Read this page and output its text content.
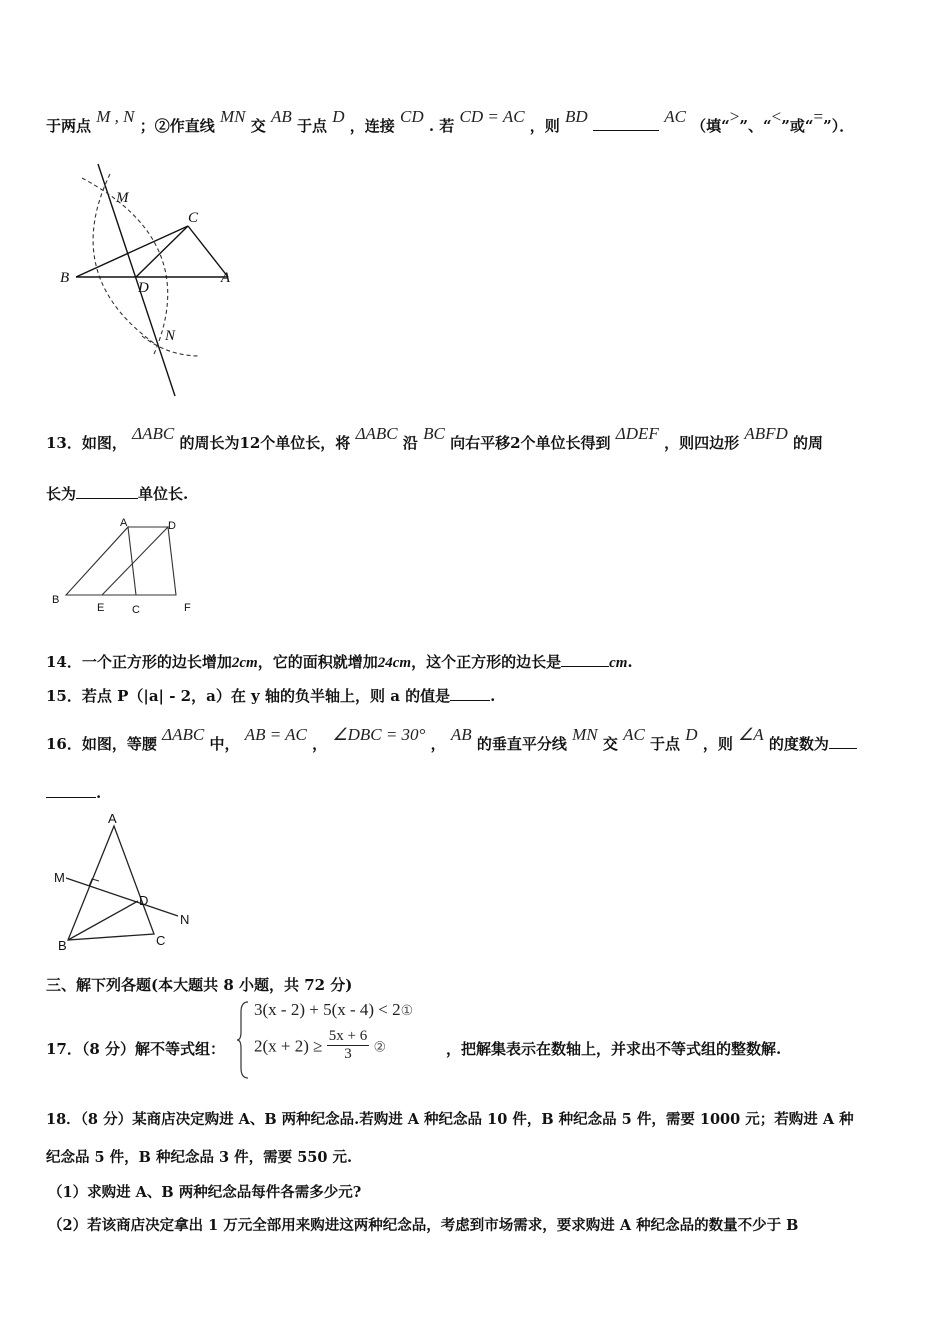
于两点 M , N ；②作直线 MN 交 AB 于点 D ，连接 CD . 若 CD = AC ，则 BD	AC （填“>”、“<”或“=”）．
M
C
B
D
A
N
13．如图， ΔABC 的周长为12个单位长，将 ΔABC 沿 BC 向右平移2个单位长得到 ΔDEF ，则四边形 ABFD 的周
长为	单位长.
A	D
B
E	C	F
14．一个正方形的边长增加2cm，它的面积就增加24cm，这个正方形的边长是	cm.
15．若点 P（|a| - 2，a）在 y 轴的负半轴上，则 a 的值是	.
16．如图，等腰 ΔABC 中， AB = AC ， ∠DBC = 30° ， AB 的垂直平分线 MN 交 AC 于点 D ，则 ∠A 的度数为
.
A
M
D
N
B	C
三、解下列各题(本大题共 8 小题，共 72 分)
17．（8 分）解不等式组：
3(x - 2) + 5(x - 4) < 2①
$2(x + 2) \ge \frac{5x + 6}{3}$ ②	，把解集表示在数轴上，并求出不等式组的整数解.
18．（8 分）某商店决定购进 A、B 两种纪念品.若购进 A 种纪念品 10 件，B 种纪念品 5 件，需要 1000 元；若购进 A 种
纪念品 5 件，B 种纪念品 3 件，需要 550 元.
（1）求购进 A、B 两种纪念品每件各需多少元?
（2）若该商店决定拿出 1 万元全部用来购进这两种纪念品，考虑到市场需求，要求购进 A 种纪念品的数量不少于 B
